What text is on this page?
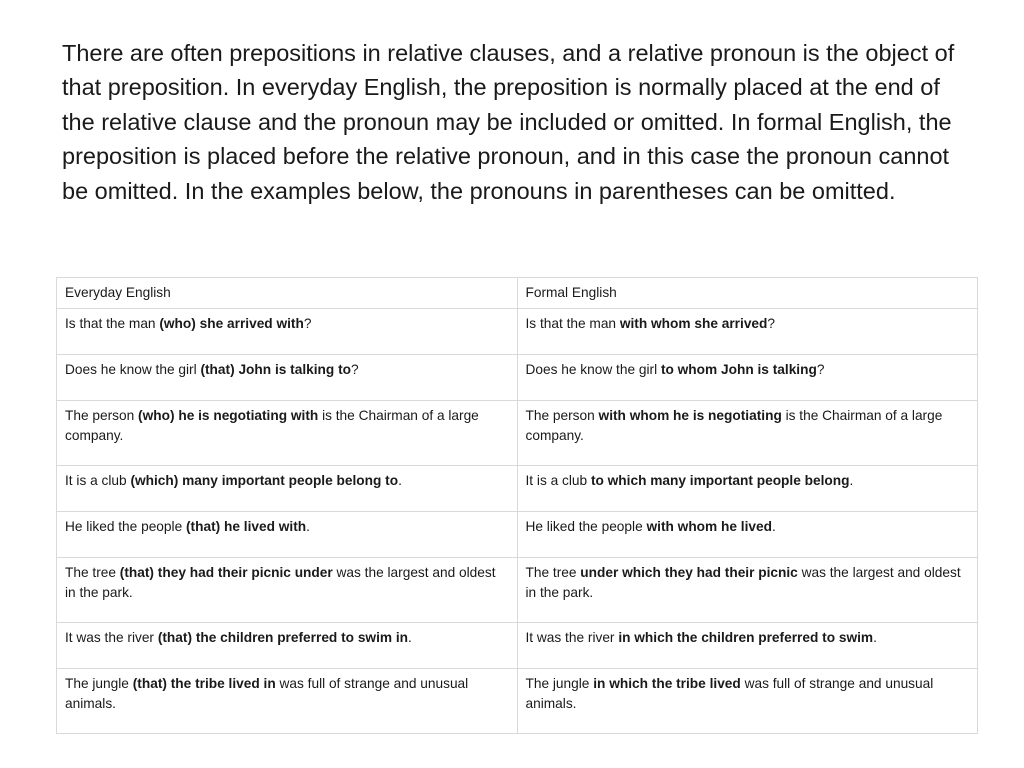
There are often prepositions in relative clauses, and a relative pronoun is the object of that preposition. In everyday English, the preposition is normally placed at the end of the relative clause and the pronoun may be included or omitted. In formal English, the preposition is placed before the relative pronoun, and in this case the pronoun cannot be omitted. In the examples below, the pronouns in parentheses can be omitted.

Everyday English	Formal English
Is that the man (who) she arrived with?	Is that the man with whom she arrived?
Does he know the girl (that) John is talking to?	Does he know the girl to whom John is talking?
The person (who) he is negotiating with is the Chairman of a large company.	The person with whom he is negotiating is the Chairman of a large company.
It is a club (which) many important people belong to.	It is a club to which many important people belong.
He liked the people (that) he lived with.	He liked the people with whom he lived.
The tree (that) they had their picnic under was the largest and oldest in the park.	The tree under which they had their picnic was the largest and oldest in the park.
It was the river (that) the children preferred to swim in.	It was the river in which the children preferred to swim.
The jungle (that) the tribe lived in was full of strange and unusual animals.	The jungle in which the tribe lived was full of strange and unusual animals.
